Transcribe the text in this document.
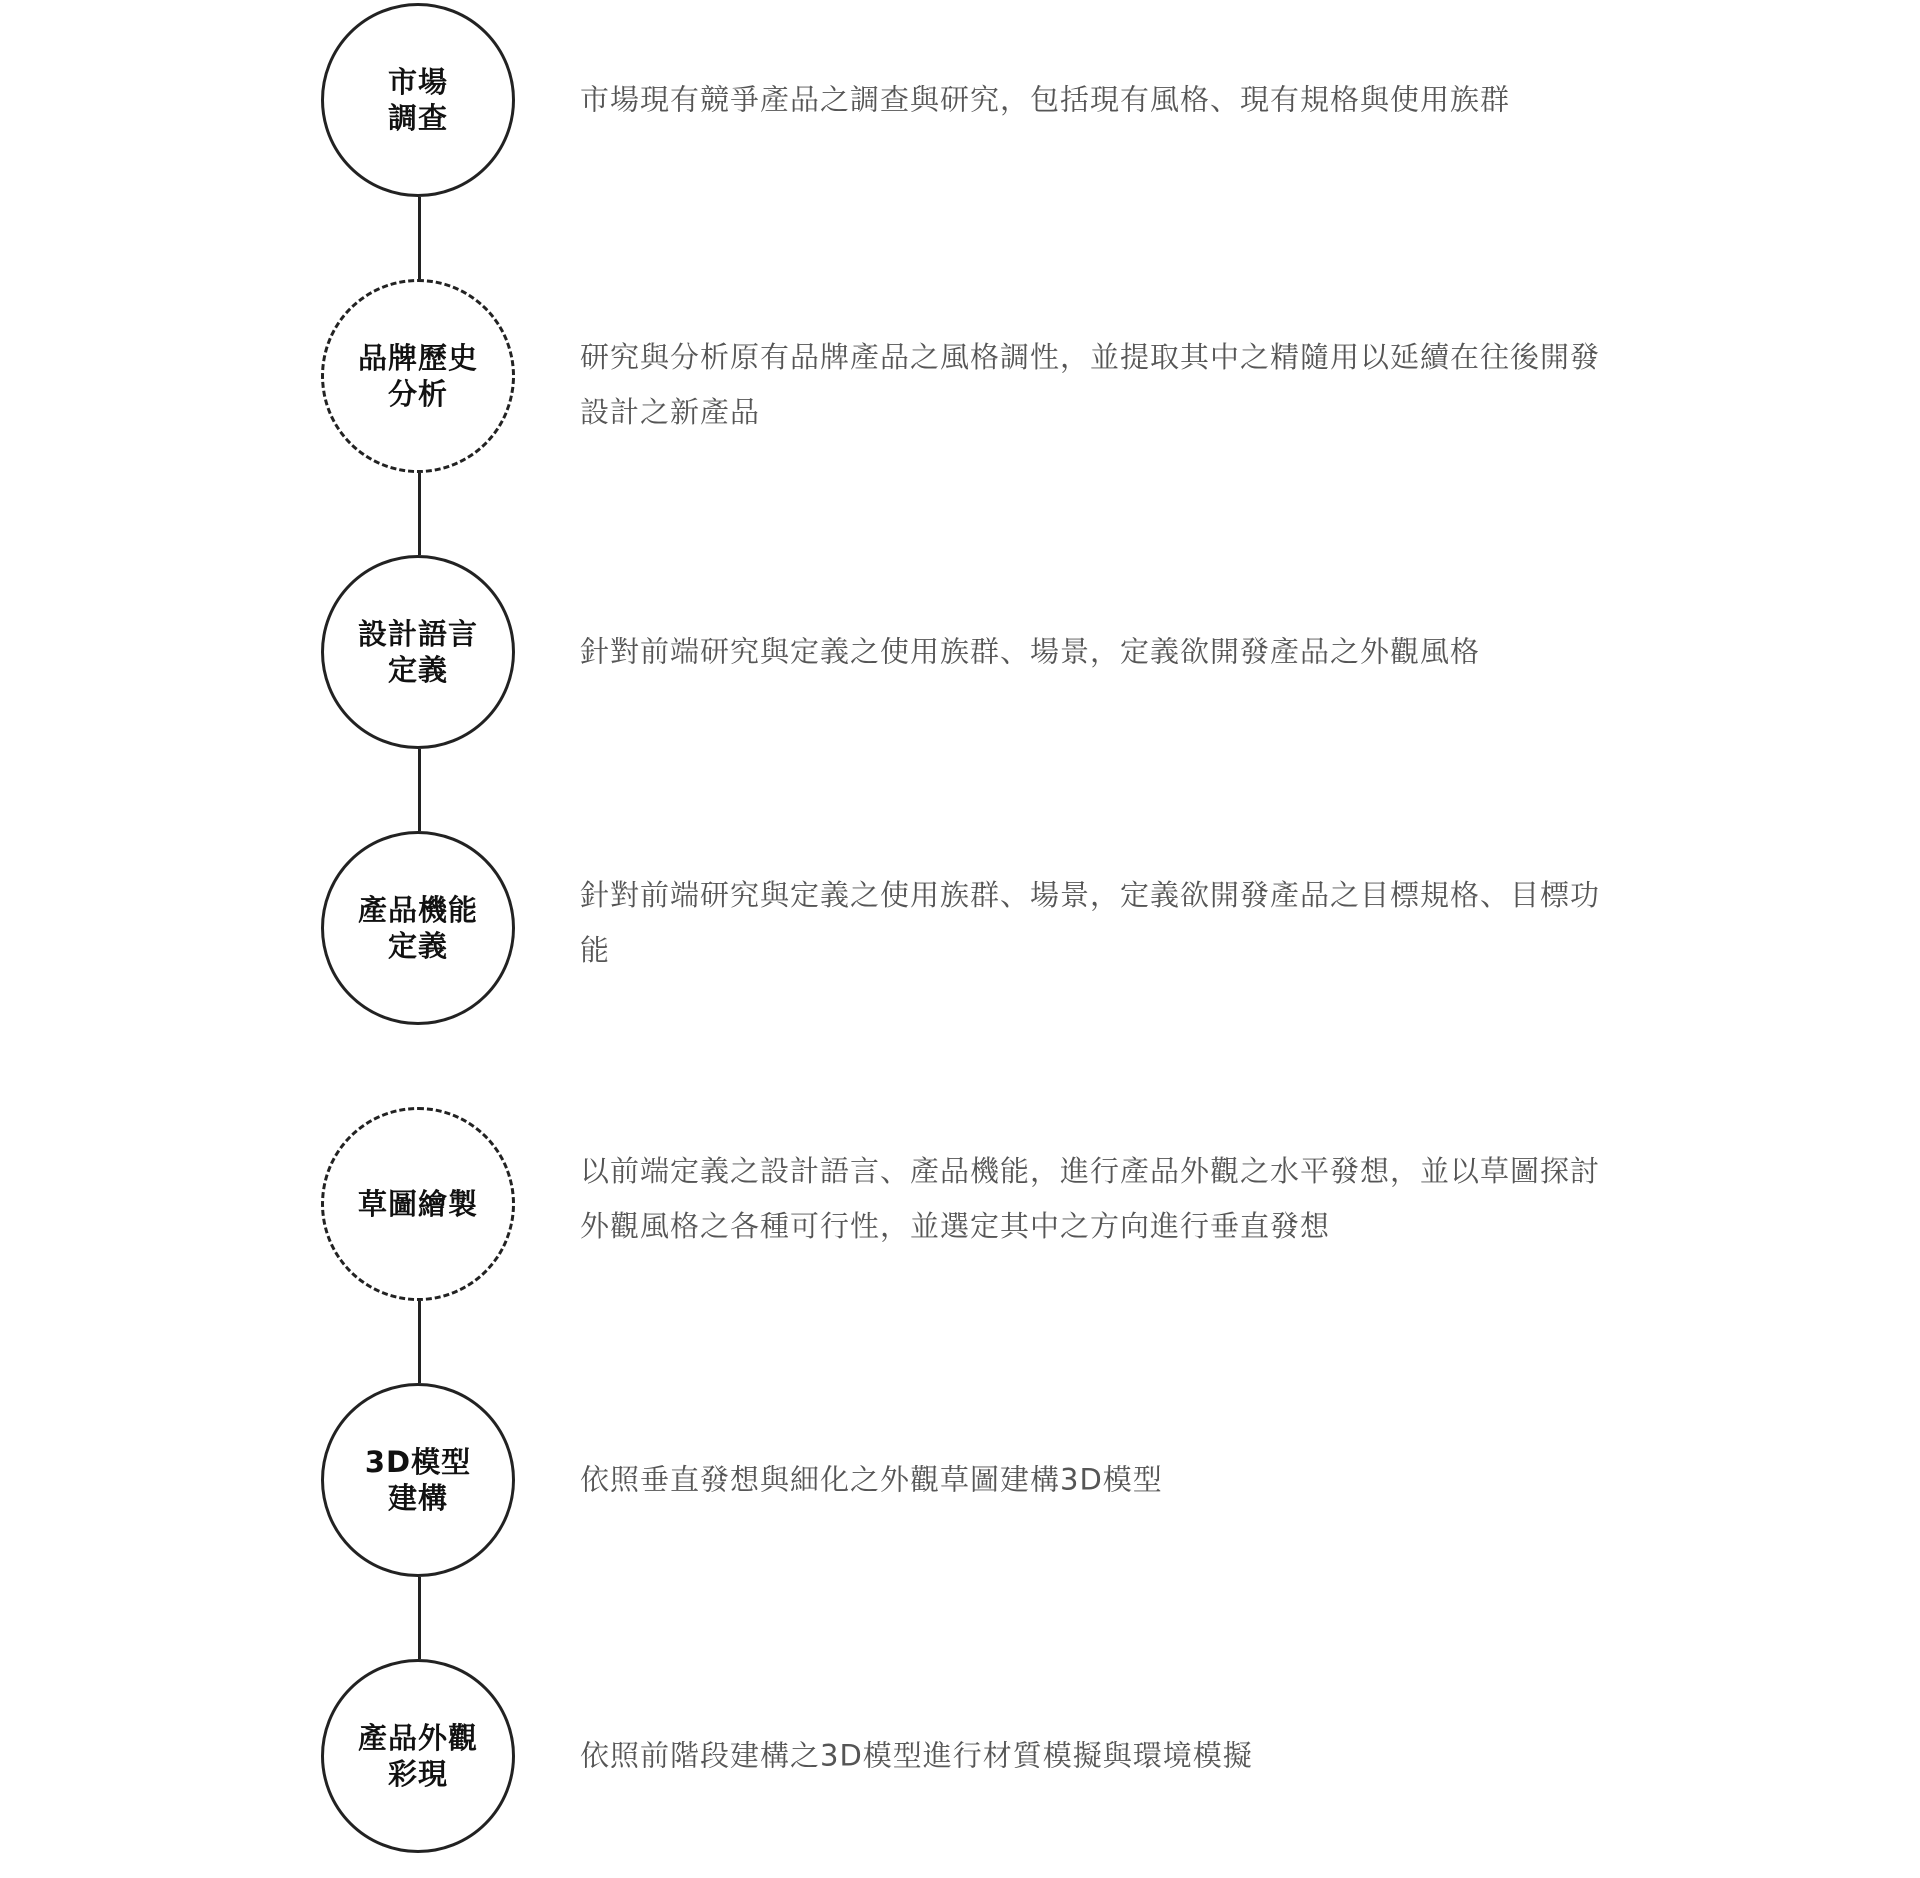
市場
調查
市場現有競爭產品之調查與研究，包括現有風格、現有規格與使用族群
品牌歷史
分析
研究與分析原有品牌產品之風格調性，並提取其中之精隨用以延續在往後開發設計之新產品
設計語言
定義
針對前端研究與定義之使用族群、場景，定義欲開發產品之外觀風格
產品機能
定義
針對前端研究與定義之使用族群、場景，定義欲開發產品之目標規格、目標功能
草圖繪製
以前端定義之設計語言、產品機能，進行產品外觀之水平發想，並以草圖探討外觀風格之各種可行性，並選定其中之方向進行垂直發想
3D模型
建構
依照垂直發想與細化之外觀草圖建構3D模型
產品外觀
彩現
依照前階段建構之3D模型進行材質模擬與環境模擬
